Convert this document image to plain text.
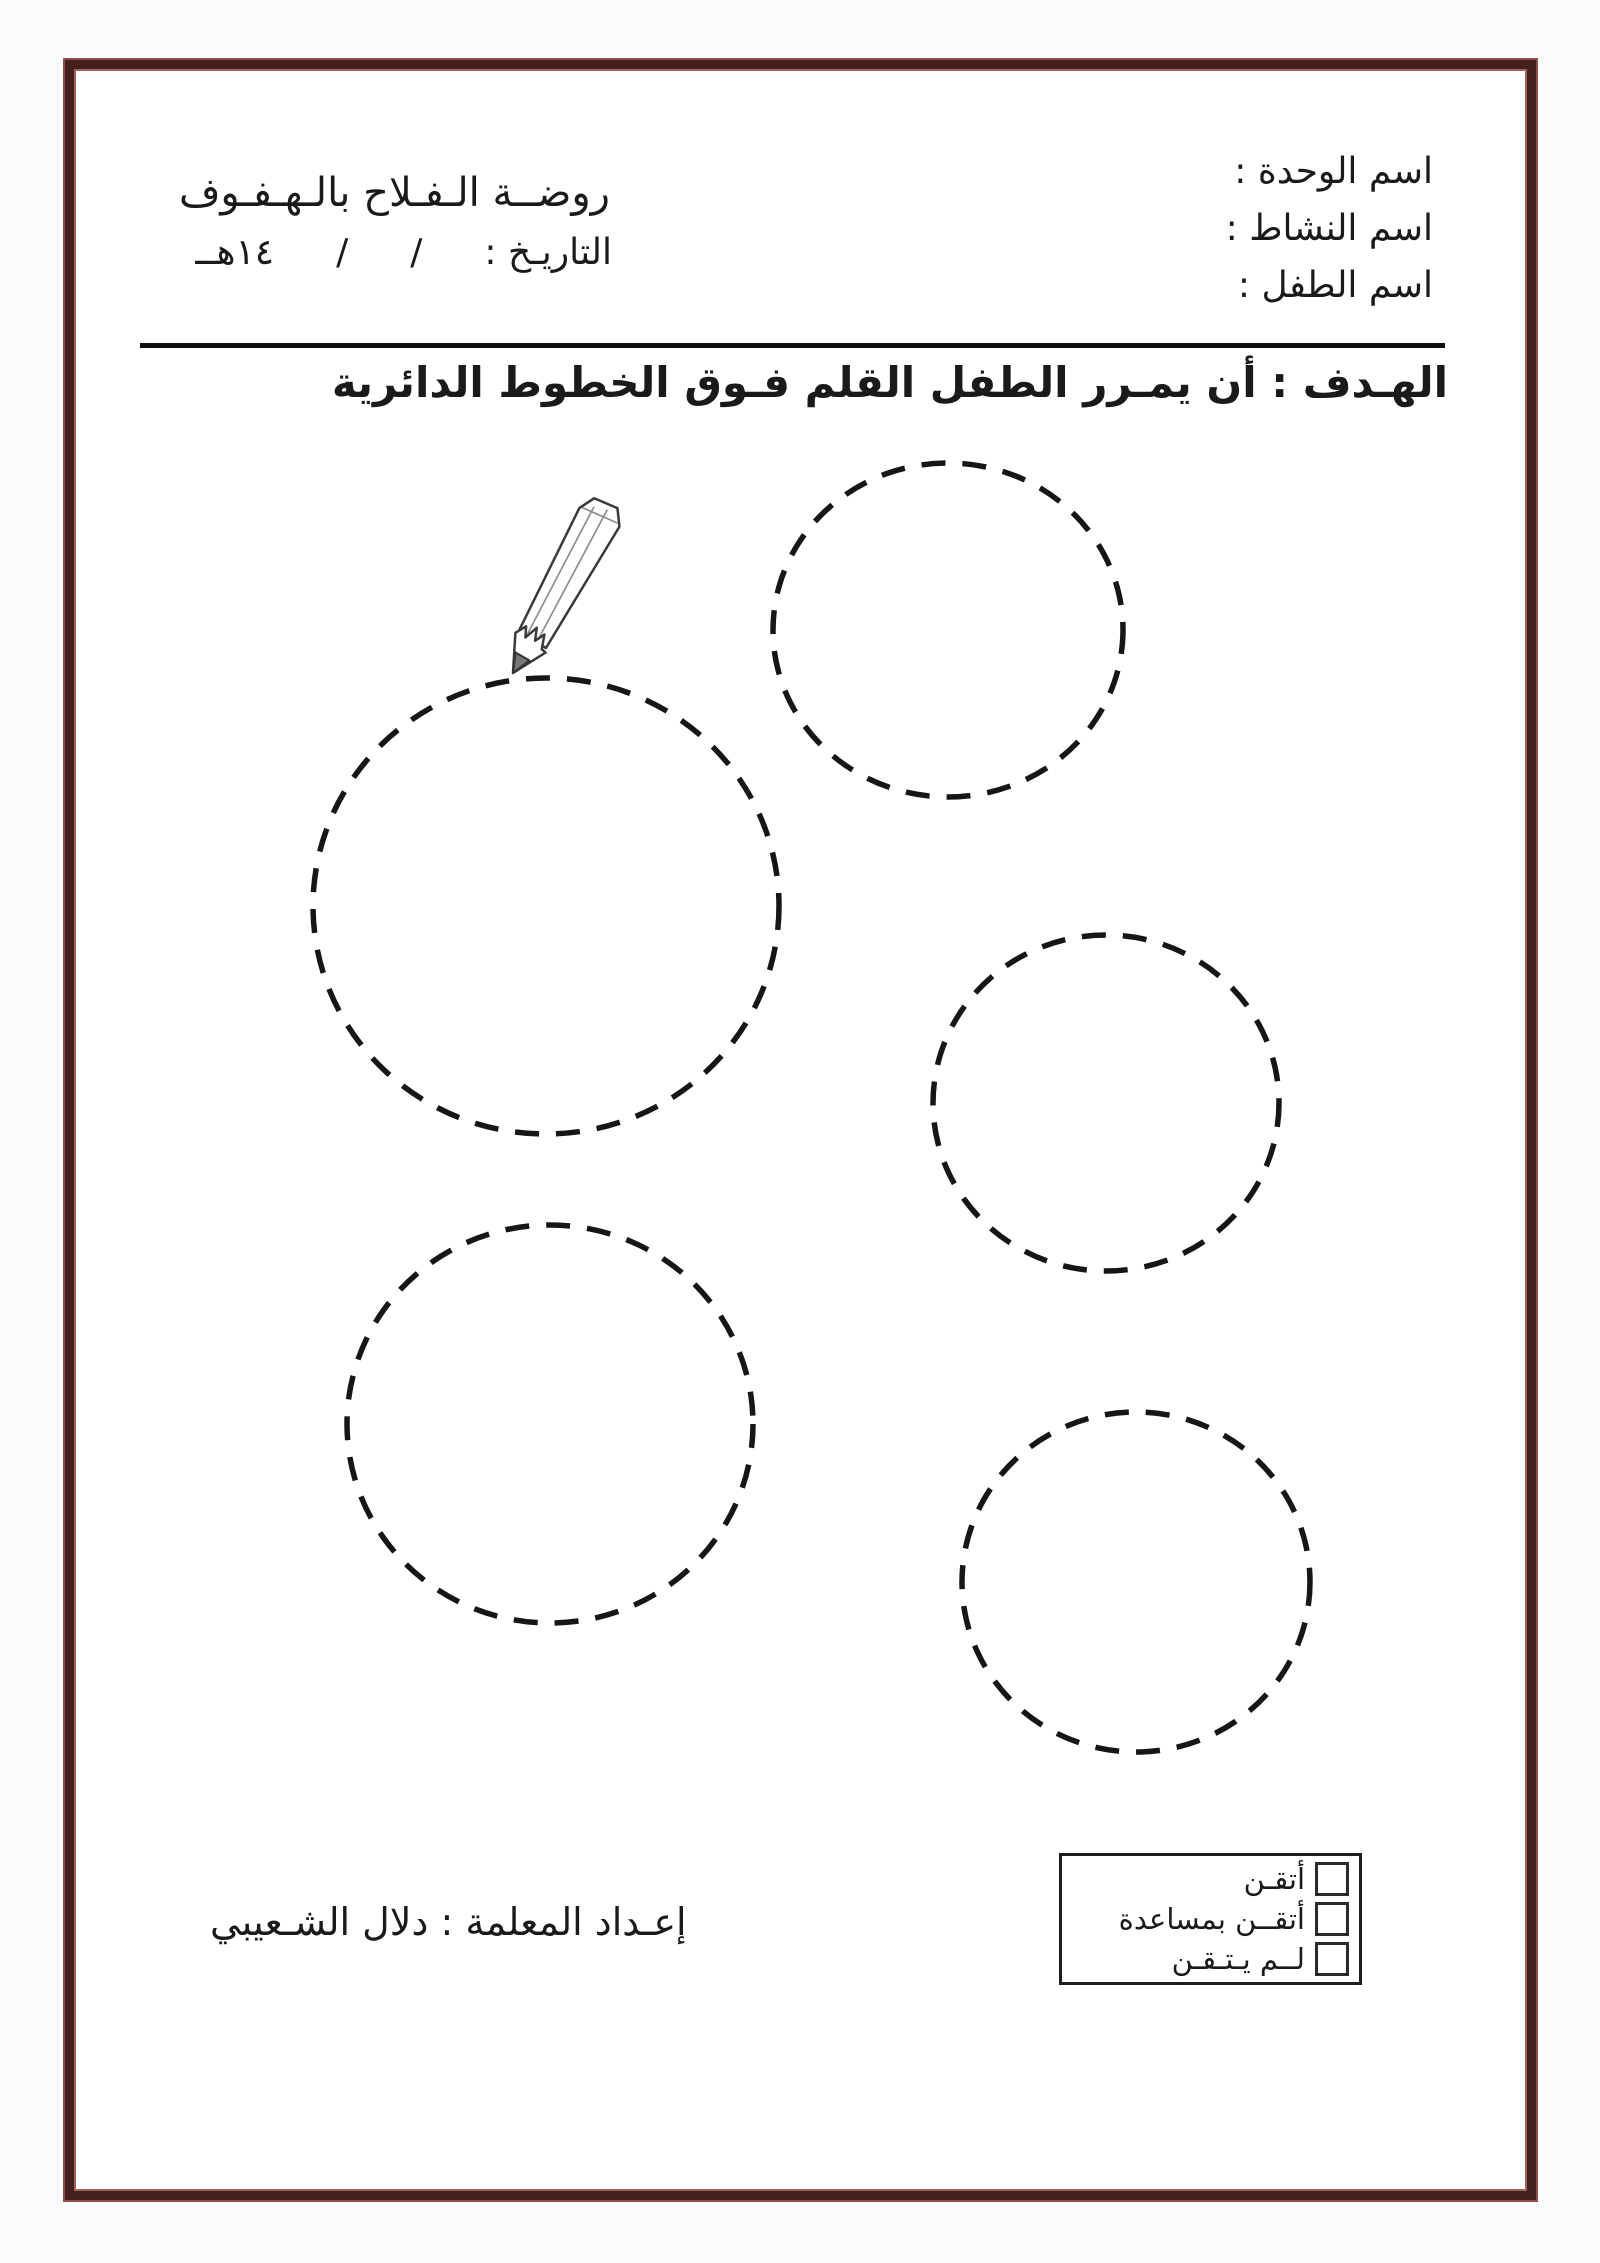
اسم الوحدة :
اسم النشاط :
اسم الطفل :
روضــة الـفـلاح بالـهـفـوف
التاريـخ :
/
/
١٤هــ
الهـدف : أن يمـرر الطفل القلم فـوق الخطوط الدائرية
أتقـن
أتقــن بمساعدة
لــم يـتـقـن
إعـداد المعلمة : دلال الشـعيبي
